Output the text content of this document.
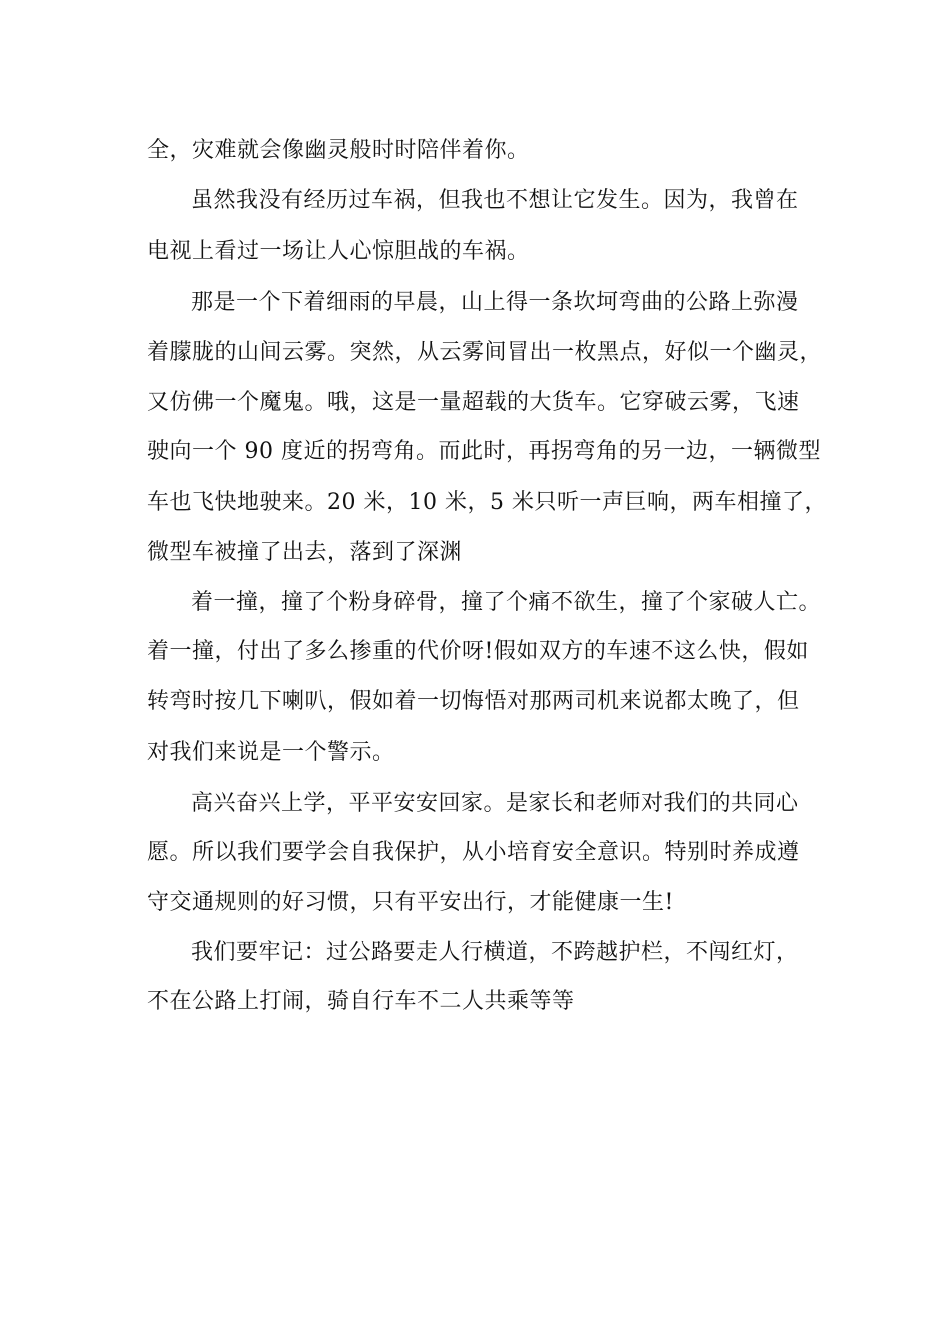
全，灾难就会像幽灵般时时陪伴着你。
虽然我没有经历过车祸，但我也不想让它发生。因为，我曾在
电视上看过一场让人心惊胆战的车祸。
那是一个下着细雨的早晨，山上得一条坎坷弯曲的公路上弥漫
着朦胧的山间云雾。突然，从云雾间冒出一枚黑点，好似一个幽灵，
又仿佛一个魔鬼。哦，这是一量超载的大货车。它穿破云雾，飞速
驶向一个 90 度近的拐弯角。而此时，再拐弯角的另一边，一辆微型
车也飞快地驶来。20 米，10 米，5 米只听一声巨响，两车相撞了，
微型车被撞了出去，落到了深渊
着一撞，撞了个粉身碎骨，撞了个痛不欲生，撞了个家破人亡。
着一撞，付出了多么掺重的代价呀!假如双方的车速不这么快，假如
转弯时按几下喇叭，假如着一切悔悟对那两司机来说都太晚了，但
对我们来说是一个警示。
高兴奋兴上学，平平安安回家。是家长和老师对我们的共同心
愿。所以我们要学会自我保护，从小培育安全意识。特别时养成遵
守交通规则的好习惯，只有平安出行，才能健康一生!
我们要牢记：过公路要走人行横道，不跨越护栏，不闯红灯，
不在公路上打闹，骑自行车不二人共乘等等
